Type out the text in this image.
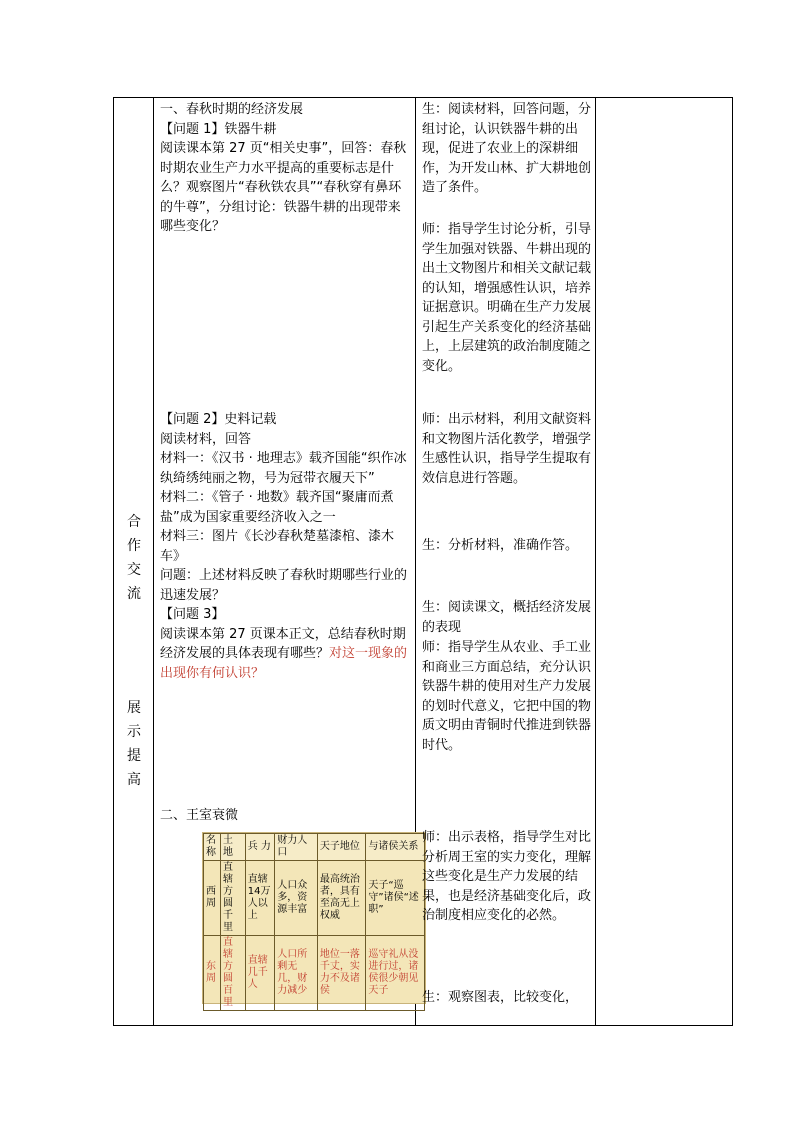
合
作
交
流
展
示
提
高

一、春秋时期的经济发展

【问题 1】铁器牛耕

阅读课本第 27 页“相关史事”，回答：春秋时期农业生产力水平提高的重要标志是什么？观察图片“春秋铁农具”“春秋穿有鼻环的牛尊”，分组讨论：铁器牛耕的出现带来哪些变化？

【问题 2】史料记载

阅读材料，回答

材料一：《汉书 · 地理志》载齐国能“织作冰纨绮绣纯丽之物，号为冠带衣履天下”

材料二：《管子 · 地数》载齐国“聚庸而煮盐”成为国家重要经济收入之一

材料三：图片《长沙春秋楚墓漆棺、漆木车》

问题：上述材料反映了春秋时期哪些行业的迅速发展？

【问题 3】

阅读课本第 27 页课本正文，总结春秋时期经济发展的具体表现有哪些？对这一现象的出现你有何认识？

二、王室衰微

名称	土 地	兵 力	财力人口	天子地位	与诸侯关系
西周	直辖方圆千里	直辖14万人以上	人口众多，资源丰富	最高统治者，具有至高无上权威	天子“巡守”诸侯“述职”
东周	直辖方圆百里	直辖几千人	人口所剩无几，财力减少	地位一落千丈，实力不及诸侯	巡守礼从没进行过，诸侯很少朝见天子
生：阅读材料，回答问题，分组讨论，认识铁器牛耕的出现，促进了农业上的深耕细作，为开发山林、扩大耕地创造了条件。
师：指导学生讨论分析，引导学生加强对铁器、牛耕出现的出土文物图片和相关文献记载的认知，增强感性认识，培养证据意识。明确在生产力发展引起生产关系变化的经济基础上，上层建筑的政治制度随之变化。
师：出示材料，利用文献资料和文物图片活化教学，增强学生感性认识，指导学生提取有效信息进行答题。
生：分析材料，准确作答。
生：阅读课文，概括经济发展的表现
师：指导学生从农业、手工业和商业三方面总结，充分认识铁器牛耕的使用对生产力发展的划时代意义，它把中国的物质文明由青铜时代推进到铁器时代。
师：出示表格，指导学生对比分析周王室的实力变化，理解这些变化是生产力发展的结果，也是经济基础变化后，政治制度相应变化的必然。
生：观察图表，比较变化，
